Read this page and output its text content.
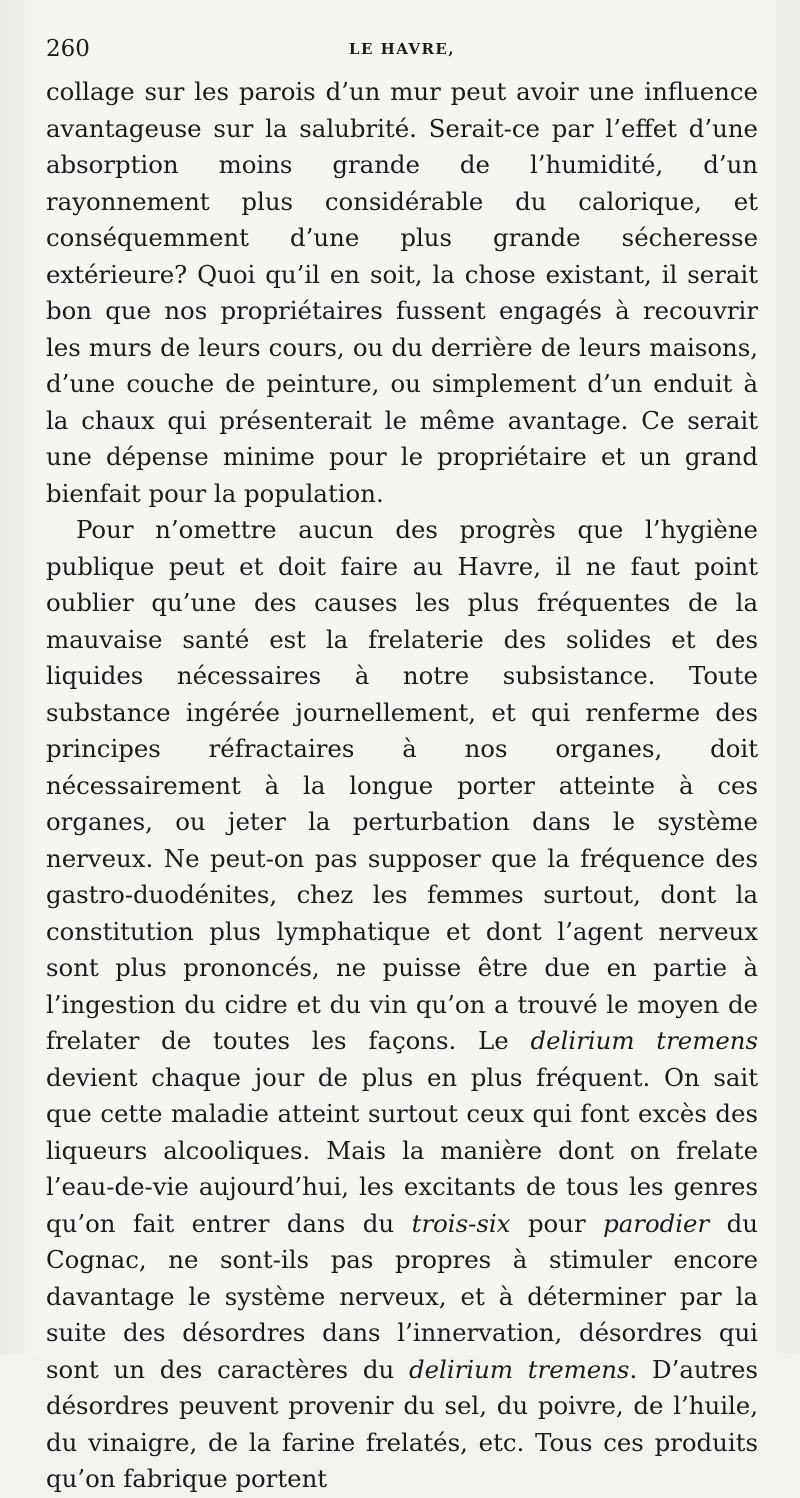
260	LE HAVRE,

collage sur les parois d’un mur peut avoir une influence avantageuse sur la salubrité. Serait-ce par l’effet d’une absorption moins grande de l’humidité, d’un rayonnement plus considérable du calorique, et conséquemment d’une plus grande sécheresse extérieure? Quoi qu’il en soit, la chose existant, il serait bon que nos propriétaires fussent engagés à recouvrir les murs de leurs cours, ou du derrière de leurs maisons, d’une couche de peinture, ou simplement d’un enduit à la chaux qui présenterait le même avantage. Ce serait une dépense minime pour le propriétaire et un grand bienfait pour la population.

Pour n’omettre aucun des progrès que l’hygiène publique peut et doit faire au Havre, il ne faut point oublier qu’une des causes les plus fréquentes de la mauvaise santé est la frelaterie des solides et des liquides nécessaires à notre subsistance. Toute substance ingérée journellement, et qui renferme des principes réfractaires à nos organes, doit nécessairement à la longue porter atteinte à ces organes, ou jeter la perturbation dans le système nerveux. Ne peut-on pas supposer que la fréquence des gastro-duodénites, chez les femmes surtout, dont la constitution plus lymphatique et dont l’agent nerveux sont plus prononcés, ne puisse être due en partie à l’ingestion du cidre et du vin qu’on a trouvé le moyen de frelater de toutes les façons. Le delirium tremens devient chaque jour de plus en plus fréquent. On sait que cette maladie atteint surtout ceux qui font excès des liqueurs alcooliques. Mais la manière dont on frelate l’eau-de-vie aujourd’hui, les excitants de tous les genres qu’on fait entrer dans du trois-six pour parodier du Cognac, ne sont-ils pas propres à stimuler encore davantage le système nerveux, et à déterminer par la suite des désordres dans l’innervation, désordres qui sont un des caractères du delirium tremens. D’autres désordres peuvent provenir du sel, du poivre, de l’huile, du vinaigre, de la farine frelatés, etc. Tous ces produits qu’on fabrique portent
